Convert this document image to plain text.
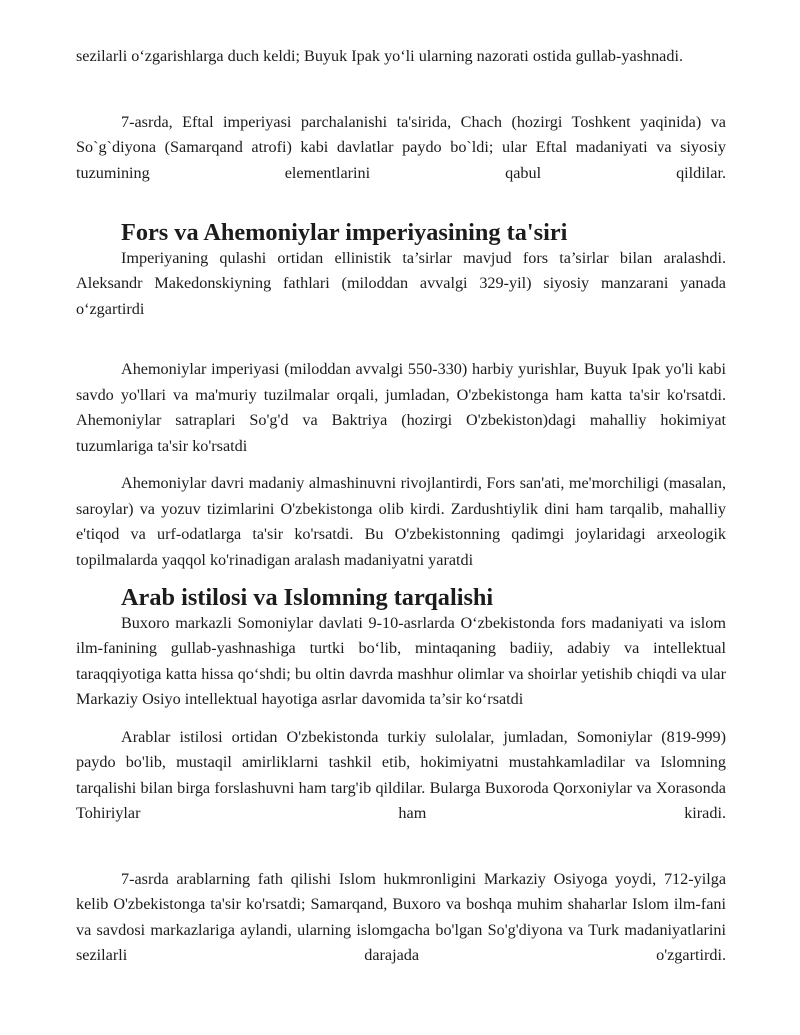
sezilarli o‘zgarishlarga duch keldi; Buyuk Ipak yo‘li ularning nazorati ostida gullab-yashnadi.

7-asrda, Eftal imperiyasi parchalanishi ta'sirida, Chach (hozirgi Toshkent yaqinida) va So`g`diyona (Samarqand atrofi) kabi davlatlar paydo bo`ldi; ular Eftal madaniyati va siyosiy tuzumining elementlarini qabul qildilar.

Fors va Ahemoniylar imperiyasining ta'siri

Imperiyaning qulashi ortidan ellinistik ta’sirlar mavjud fors ta’sirlar bilan aralashdi. Aleksandr Makedonskiyning fathlari (miloddan avvalgi 329-yil) siyosiy manzarani yanada o‘zgartirdi

Ahemoniylar imperiyasi (miloddan avvalgi 550-330) harbiy yurishlar, Buyuk Ipak yo'li kabi savdo yo'llari va ma'muriy tuzilmalar orqali, jumladan, O'zbekistonga ham katta ta'sir ko'rsatdi. Ahemoniylar satraplari So'g'd va Baktriya (hozirgi O'zbekiston)dagi mahalliy hokimiyat tuzumlariga ta'sir ko'rsatdi

Ahemoniylar davri madaniy almashinuvni rivojlantirdi, Fors san'ati, me'morchiligi (masalan, saroylar) va yozuv tizimlarini O'zbekistonga olib kirdi. Zardushtiylik dini ham tarqalib, mahalliy e'tiqod va urf-odatlarga ta'sir ko'rsatdi. Bu O'zbekistonning qadimgi joylaridagi arxeologik topilmalarda yaqqol ko'rinadigan aralash madaniyatni yaratdi

Arab istilosi va Islomning tarqalishi

Buxoro markazli Somoniylar davlati 9-10-asrlarda O‘zbekistonda fors madaniyati va islom ilm-fanining gullab-yashnashiga turtki bo‘lib, mintaqaning badiiy, adabiy va intellektual taraqqiyotiga katta hissa qo‘shdi; bu oltin davrda mashhur olimlar va shoirlar yetishib chiqdi va ular Markaziy Osiyo intellektual hayotiga asrlar davomida ta’sir ko‘rsatdi

Arablar istilosi ortidan O'zbekistonda turkiy sulolalar, jumladan, Somoniylar (819-999) paydo bo'lib, mustaqil amirliklarni tashkil etib, hokimiyatni mustahkamladilar va Islomning tarqalishi bilan birga forslashuvni ham targ'ib qildilar. Bularga Buxoroda Qorxoniylar va Xorasonda Tohiriylar ham kiradi.

7-asrda arablarning fath qilishi Islom hukmronligini Markaziy Osiyoga yoydi, 712-yilga kelib O'zbekistonga ta'sir ko'rsatdi; Samarqand, Buxoro va boshqa muhim shaharlar Islom ilm-fani va savdosi markazlariga aylandi, ularning islomgacha bo'lgan So'g'diyona va Turk madaniyatlarini sezilarli darajada o'zgartirdi.
